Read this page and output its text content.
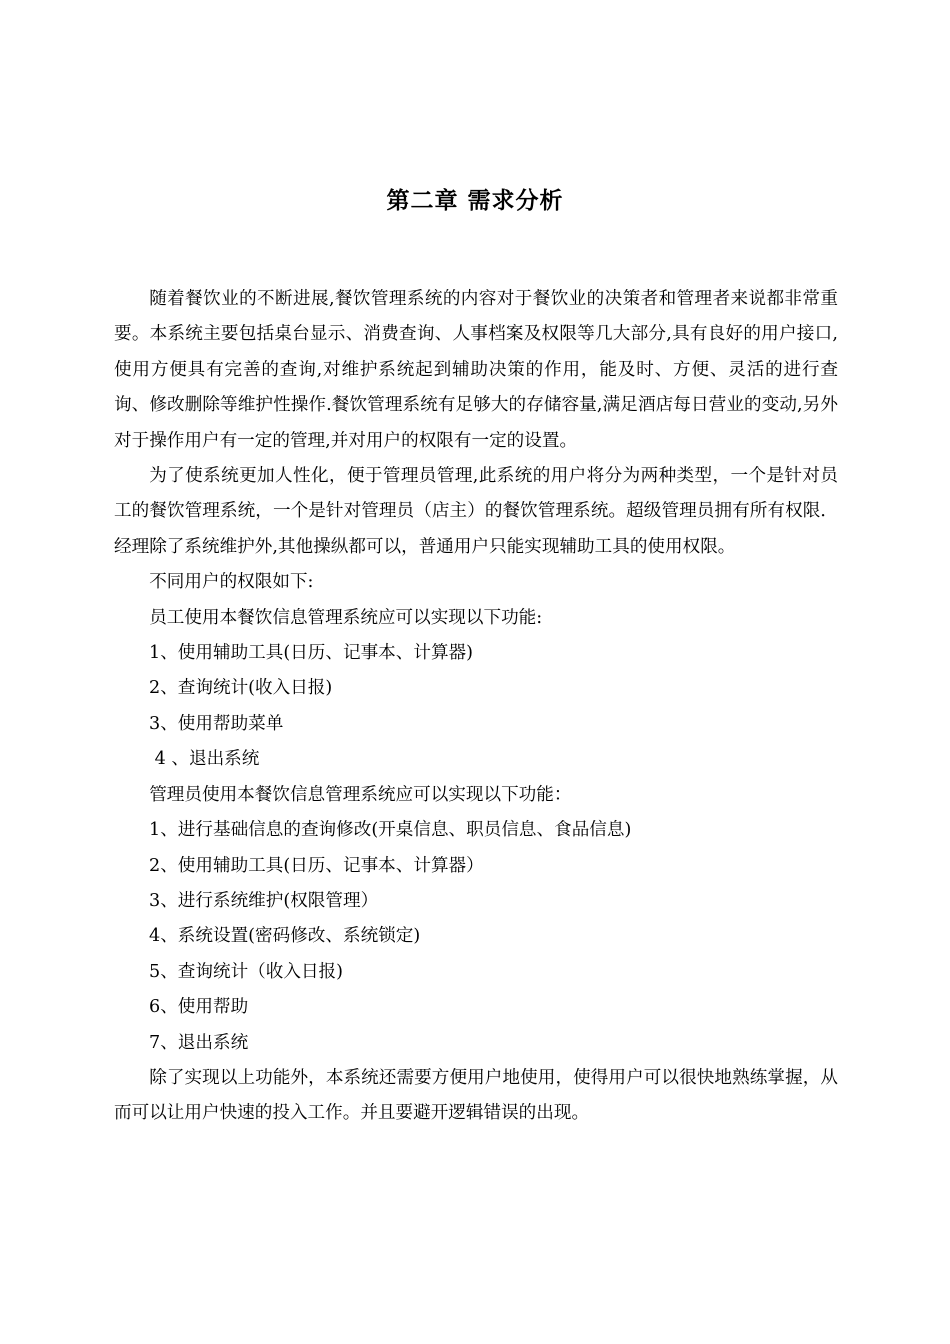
第二章 需求分析

随着餐饮业的不断进展,餐饮管理系统的内容对于餐饮业的决策者和管理者来说都非常重要。本系统主要包括桌台显示、消费查询、人事档案及权限等几大部分,具有良好的用户接口,使用方便具有完善的查询,对维护系统起到辅助决策的作用，能及时、方便、灵活的进行查询、修改删除等维护性操作.餐饮管理系统有足够大的存储容量,满足酒店每日营业的变动,另外对于操作用户有一定的管理,并对用户的权限有一定的设置。

为了使系统更加人性化，便于管理员管理,此系统的用户将分为两种类型，一个是针对员工的餐饮管理系统，一个是针对管理员（店主）的餐饮管理系统。超级管理员拥有所有权限．经理除了系统维护外,其他操纵都可以，普通用户只能实现辅助工具的使用权限。

不同用户的权限如下:

员工使用本餐饮信息管理系统应可以实现以下功能:

1、使用辅助工具(日历、记事本、计算器)

2、查询统计(收入日报)

3、使用帮助菜单

4 、退出系统

管理员使用本餐饮信息管理系统应可以实现以下功能：

1、进行基础信息的查询修改(开桌信息、职员信息、食品信息)

2、使用辅助工具(日历、记事本、计算器）

3、进行系统维护(权限管理）

4、系统设置(密码修改、系统锁定)

5、查询统计（收入日报)

6、使用帮助

7、退出系统

除了实现以上功能外，本系统还需要方便用户地使用，使得用户可以很快地熟练掌握，从而可以让用户快速的投入工作。并且要避开逻辑错误的出现。
